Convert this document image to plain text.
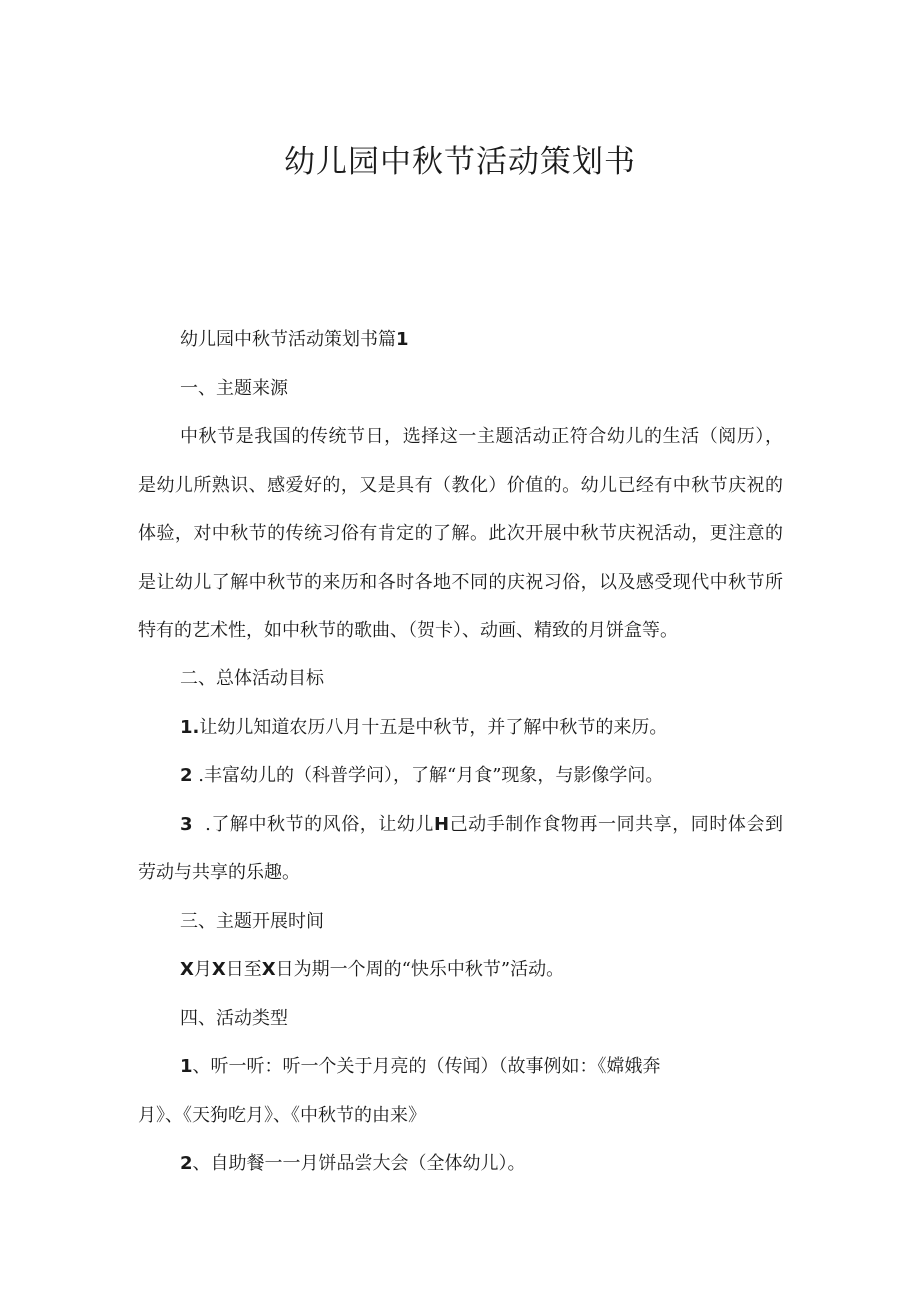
幼儿园中秋节活动策划书
幼儿园中秋节活动策划书篇1
一、主题来源
中秋节是我国的传统节日，选择这一主题活动正符合幼儿的生活（阅历），
是幼儿所熟识、感爱好的，又是具有（教化）价值的。幼儿已经有中秋节庆祝的
体验，对中秋节的传统习俗有肯定的了解。此次开展中秋节庆祝活动，更注意的
是让幼儿了解中秋节的来历和各时各地不同的庆祝习俗，以及感受现代中秋节所
特有的艺术性，如中秋节的歌曲、（贺卡）、动画、精致的月饼盒等。
二、总体活动目标
1.让幼儿知道农历八月十五是中秋节，并了解中秋节的来历。
2 .丰富幼儿的（科普学问），了解“月食”现象，与影像学问。
3 .了解中秋节的风俗，让幼儿H己动手制作食物再一同共享，同时体会到
劳动与共享的乐趣。
三、主题开展时间
X月X日至X日为期一个周的“快乐中秋节”活动。
四、活动类型
1、听一听：听一个关于月亮的（传闻）（故事例如：《嫦娥奔
月》、《天狗吃月》、《中秋节的由来》
2、自助餐一一月饼品尝大会（全体幼儿）。
